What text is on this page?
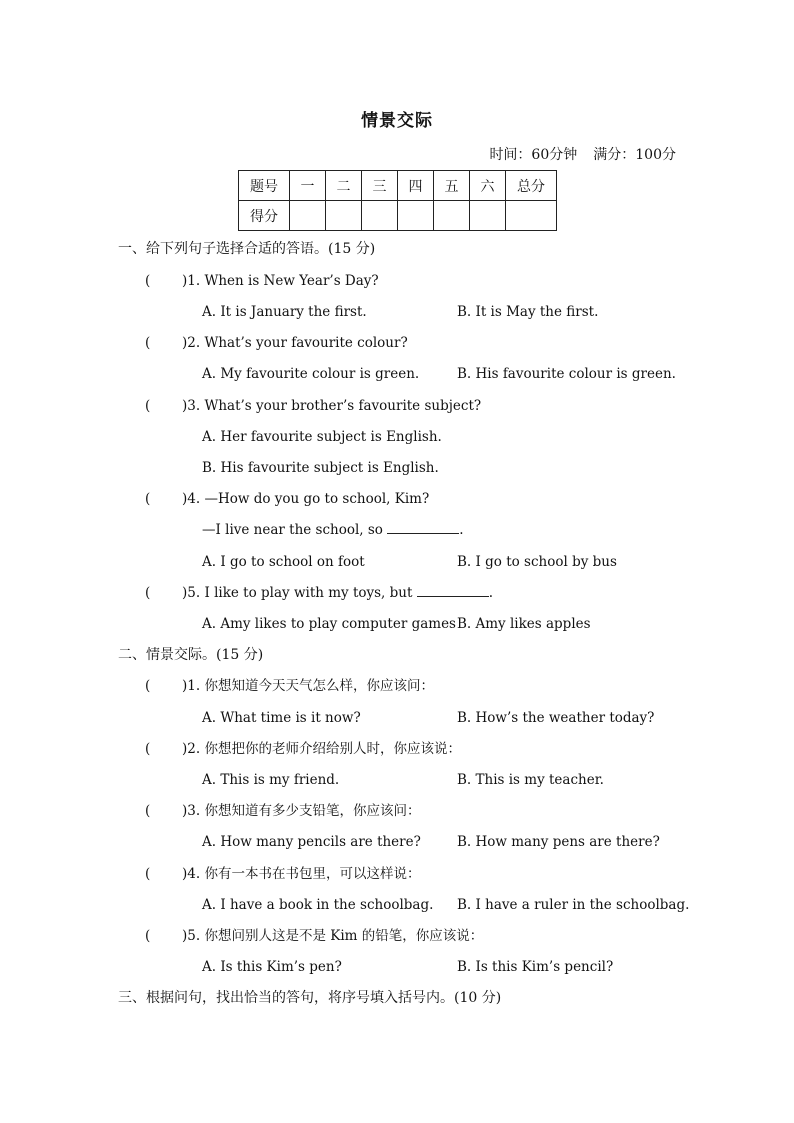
情景交际
时间：60分钟 满分：100分
题号	一	二	三	四	五	六	总分
得分							
一、给下列句子选择合适的答语。(15 分)
( )1. When is New Year’s Day?
A. It is January the first.	B. It is May the first.
( )2. What’s your favourite colour?
A. My favourite colour is green.	B. His favourite colour is green.
( )3. What’s your brother’s favourite subject?
A. Her favourite subject is English.
B. His favourite subject is English.
( )4. —How do you go to school, Kim?
—I live near the school, so	.
A. I go to school on foot	B. I go to school by bus
( )5. I like to play with my toys, but	.
A. Amy likes to play computer games B. Amy likes apples
二、情景交际。(15 分)
( )1. 你想知道今天天气怎么样，你应该问：
A. What time is it now?	B. How’s the weather today?
( )2. 你想把你的老师介绍给别人时，你应该说：
A. This is my friend.	B. This is my teacher.
( )3. 你想知道有多少支铅笔，你应该问：
A. How many pencils are there?	B. How many pens are there?
( )4. 你有一本书在书包里，可以这样说：
A. I have a book in the schoolbag. B. I have a ruler in the schoolbag.
( )5. 你想问别人这是不是 Kim 的铅笔，你应该说：
A. Is this Kim’s pen?	B. Is this Kim’s pencil?
三、根据问句，找出恰当的答句，将序号填入括号内。(10 分)
